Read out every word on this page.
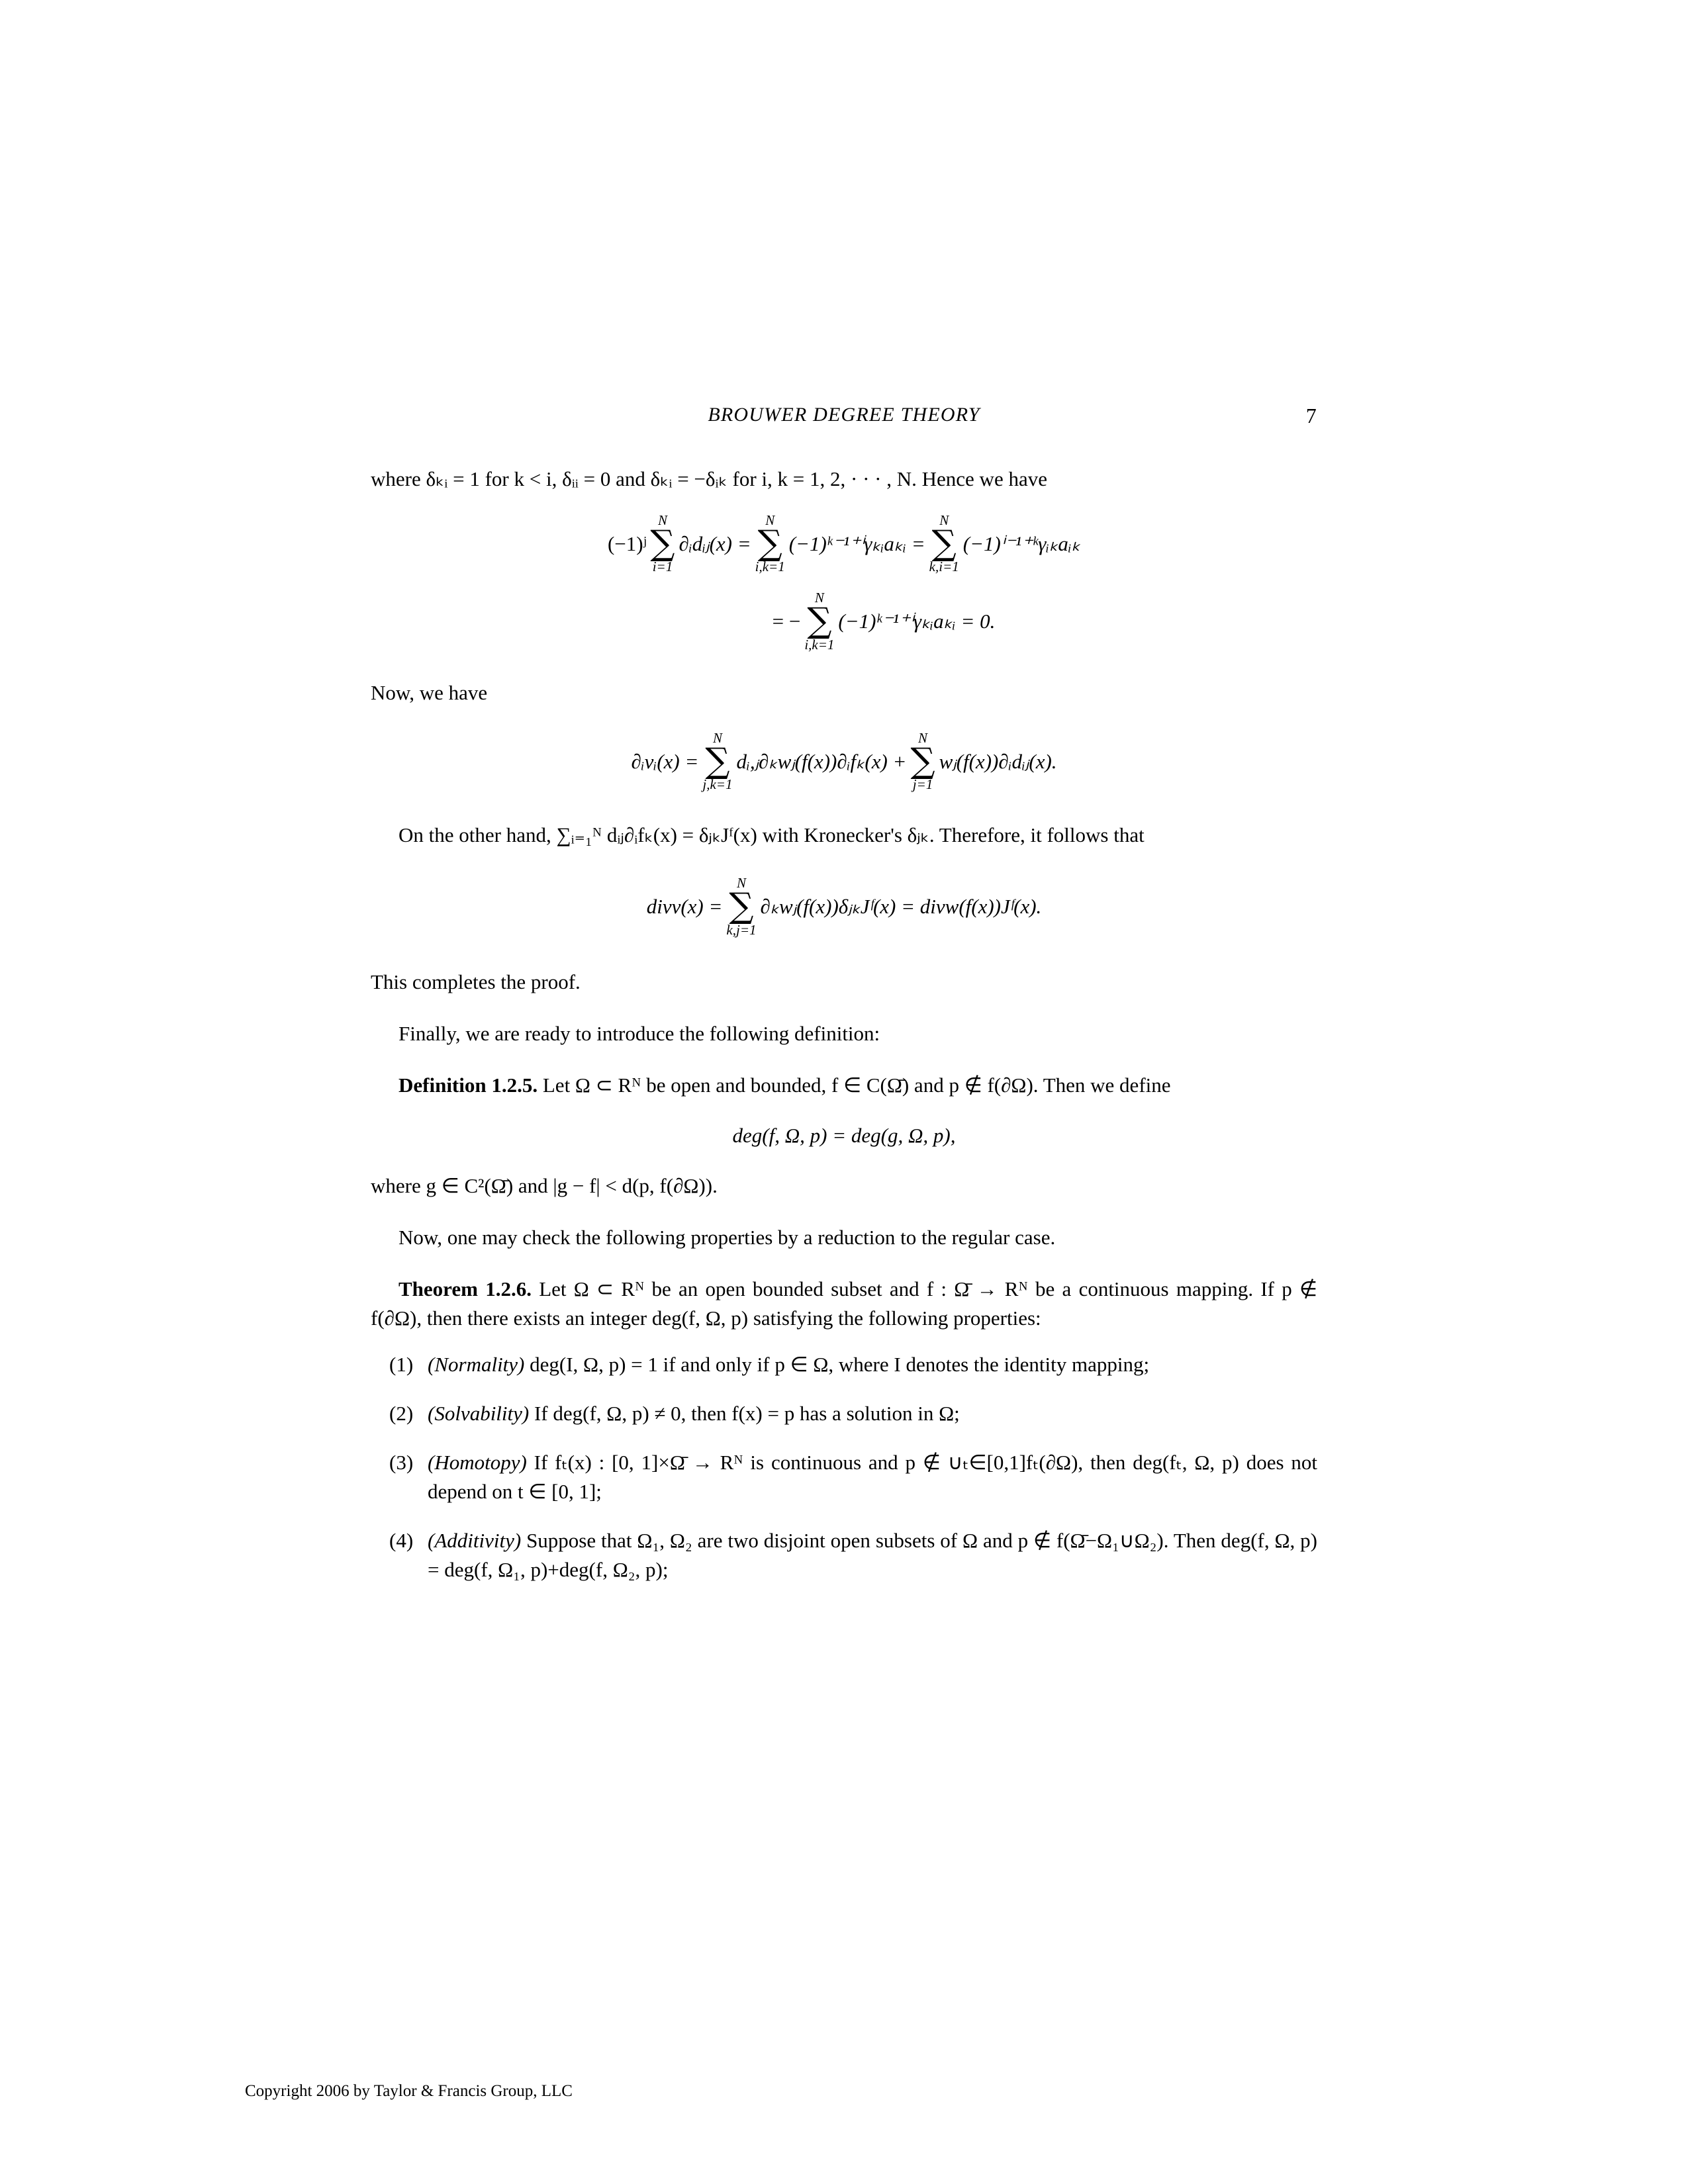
BROUWER DEGREE THEORY	7

where δₖᵢ = 1 for k < i, δᵢᵢ = 0 and δₖᵢ = −δᵢₖ for i, k = 1, 2, · · · , N. Hence we have

(−1)ʲ
N
∑
i=1
∂ᵢdᵢⱼ(x) =
N
∑
i,k=1
(−1)ᵏ⁻¹⁺ⁱγₖᵢaₖᵢ =
N
∑
k,i=1
(−1)ⁱ⁻¹⁺ᵏγᵢₖaᵢₖ
= −
N
∑
i,k=1
(−1)ᵏ⁻¹⁺ⁱγₖᵢaₖᵢ = 0.

Now, we have

∂ᵢvᵢ(x) =
N
∑
j,k=1
dᵢ,ⱼ∂ₖwⱼ(f(x))∂ᵢfₖ(x) +
N
∑
j=1
wⱼ(f(x))∂ᵢdᵢⱼ(x).

On the other hand, ∑ᵢ₌₁ᴺ dᵢⱼ∂ᵢfₖ(x) = δⱼₖJᶠ(x) with Kronecker's δⱼₖ. Therefore, it follows that

divv(x) =
N
∑
k,j=1
∂ₖwⱼ(f(x))δⱼₖJᶠ(x) = divw(f(x))Jᶠ(x).

This completes the proof.

Finally, we are ready to introduce the following definition:

Definition 1.2.5. Let Ω ⊂ Rᴺ be open and bounded, f ∈ C(Ω̄) and p ∉ f(∂Ω). Then we define

deg(f, Ω, p) = deg(g, Ω, p),

where g ∈ C²(Ω̄) and |g − f| < d(p, f(∂Ω)).

Now, one may check the following properties by a reduction to the regular case.

Theorem 1.2.6. Let Ω ⊂ Rᴺ be an open bounded subset and f : Ω̄ → Rᴺ be a continuous mapping. If p ∉ f(∂Ω), then there exists an integer deg(f, Ω, p) satisfying the following properties:

(1) (Normality) deg(I, Ω, p) = 1 if and only if p ∈ Ω, where I denotes the identity mapping;
(2) (Solvability) If deg(f, Ω, p) ≠ 0, then f(x) = p has a solution in Ω;
(3) (Homotopy) If fₜ(x) : [0, 1]×Ω̄ → Rᴺ is continuous and p ∉ ∪ₜ∈[0,1]fₜ(∂Ω), then deg(fₜ, Ω, p) does not depend on t ∈ [0, 1];
(4) (Additivity) Suppose that Ω₁, Ω₂ are two disjoint open subsets of Ω and p ∉ f(Ω̄−Ω₁∪Ω₂). Then deg(f, Ω, p) = deg(f, Ω₁, p)+deg(f, Ω₂, p);
Copyright 2006 by Taylor & Francis Group, LLC
